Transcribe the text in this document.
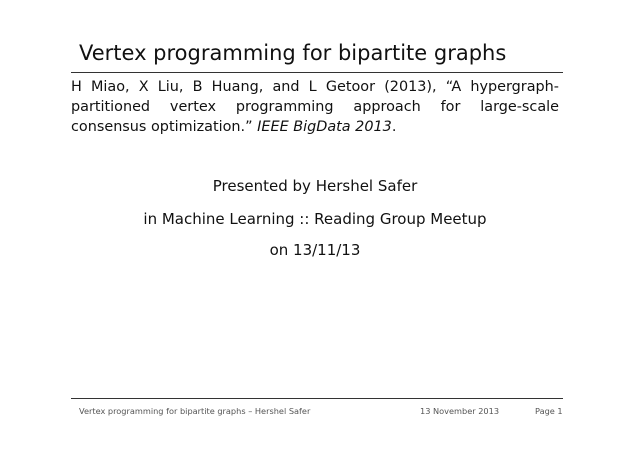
Vertex programming for bipartite graphs
H Miao, X Liu, B Huang, and L Getoor (2013), “A hypergraph-
partitioned vertex programming approach for large-scale
consensus optimization.” IEEE BigData 2013.
Presented by Hershel Safer
in Machine Learning :: Reading Group Meetup
on 13/11/13
Vertex programming for bipartite graphs – Hershel Safer	13 November 2013	Page 1
